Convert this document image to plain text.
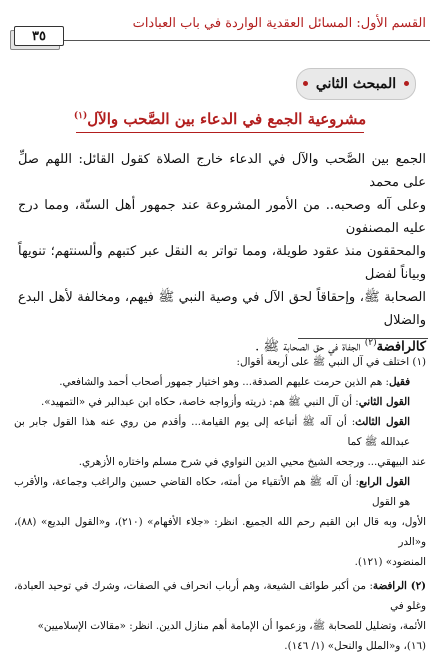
القسم الأول: المسائل العقدية الواردة في باب العبادات
٣٥
المبحث الثاني
مشروعية الجمع في الدعاء بين الصَّحب والآل$^{(١)}$

الجمع بين الصَّحب والآل في الدعاء خارج الصلاة كقول القائل: اللهم صلِّ على محمد

وعلى آله وصحبه.. من الأمور المشروعة عند جمهور أهل السنّة، ومما درج عليه المصنفون

والمحققون منذ عقود طويلة، ومما تواتر به النقل عبر كتبهم وألسنتهم؛ تنويهاً وبياناً لفضل

الصحابة ﷺ، وإحقاقاً لحق الآل في وصية النبي ﷺ فيهم، ومخالفة لأهل البدع والضلال

كالرافضة$^{(٢)}$ الجفاة في حق الصحابة ﷺ .

(١) اختلف في آل النبي ﷺ على أربعة أقوال:

فقيل: هم الذين حرمت عليهم الصدقة... وهو اختيار جمهور أصحاب أحمد والشافعي.

القول الثاني: أن آل النبي ﷺ هم: ذريته وأزواجه خاصة، حكاه ابن عبدالبر في «التمهيد».

القول الثالث: أن آله ﷺ أتباعه إلى يوم القيامة... وأقدم من روي عنه هذا القول جابر بن عبدالله ﷺ كما

عند البيهقي... ورجحه الشيخ محيي الدين النواوي في شرح مسلم واختاره الأزهري.

القول الرابع: أن آله ﷺ هم الأتقياء من أمته، حكاه القاضي حسين والراغب وجماعة، والأقرب هو القول

الأول، وبه قال ابن القيم رحم الله الجميع. انظر: «جلاء الأفهام» (٢١٠)، و«القول البديع» (٨٨)، و«الدر

المنضود» (١٢١).

(٢) الرافضة: من أكبر طوائف الشيعة، وهم أرباب انحراف في الصفات، وشرك في توحيد العبادة، وغلو في

الأئمة، وتضليل للصحابة ﷺ، وزعموا أن الإمامة أهم منازل الدين. انظر: «مقالات الإسلاميين»

(١٦)، و«الملل والنحل» (١/ ١٤٦).
